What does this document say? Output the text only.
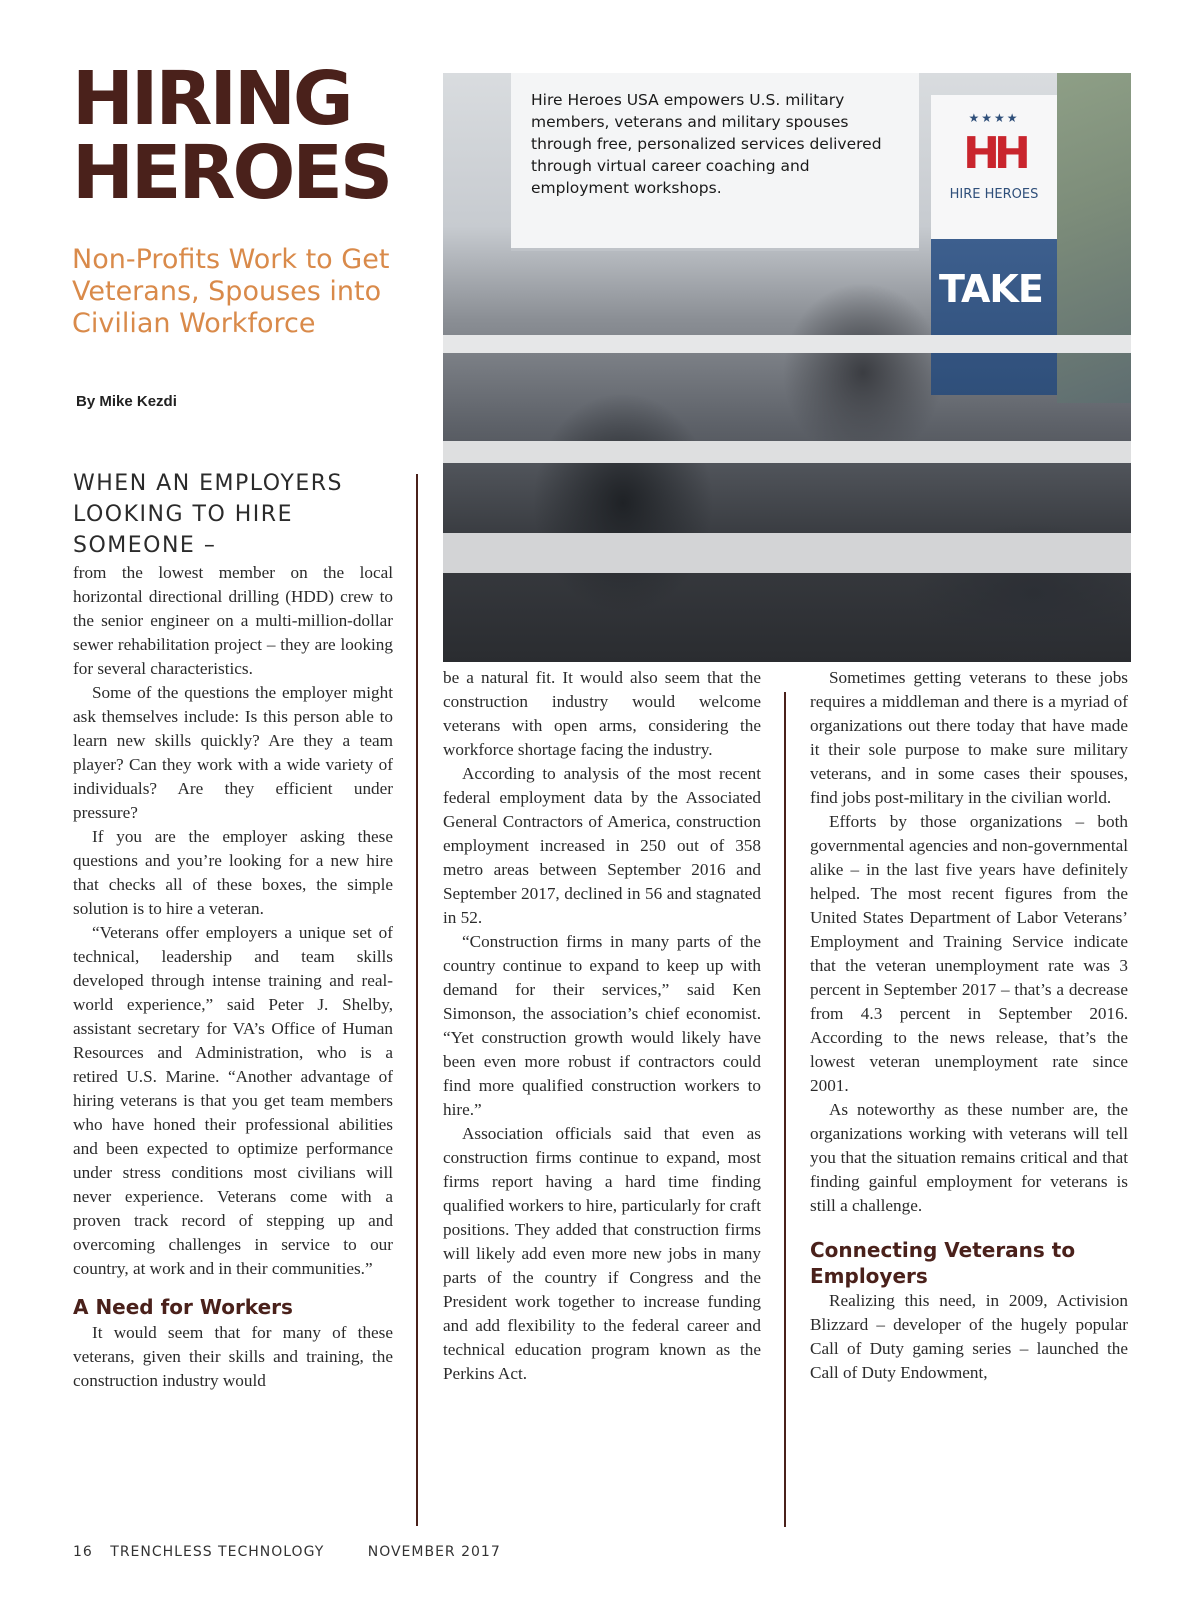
HIRING
HEROES
Non-Profits Work to Get Veterans, Spouses into Civilian Workforce
By Mike Kezdi
★★★★
HH
HIRE HEROES
TAKE
Hire Heroes USA empowers U.S. military members, veterans and military spouses through free, personalized services delivered through virtual career coaching and employment workshops.
WHEN AN EMPLOYERS LOOKING TO HIRE SOMEONE –

from the lowest member on the local horizontal directional drilling (HDD) crew to the senior engineer on a multi-million-dollar sewer rehabilitation project – they are looking for several characteristics.

Some of the questions the employer might ask themselves include: Is this person able to learn new skills quickly? Are they a team player? Can they work with a wide variety of individuals? Are they efficient under pressure?

If you are the employer asking these questions and you’re looking for a new hire that checks all of these boxes, the simple solution is to hire a veteran.

“Veterans offer employers a unique set of technical, leadership and team skills developed through intense training and real-world experience,” said Peter J. Shelby, assistant secretary for VA’s Office of Human Resources and Administration, who is a retired U.S. Marine. “Another advantage of hiring veterans is that you get team members who have honed their professional abilities and been expected to optimize performance under stress conditions most civilians will never experience. Veterans come with a proven track record of stepping up and overcoming challenges in service to our country, at work and in their communities.”

A Need for Workers

It would seem that for many of these veterans, given their skills and training, the construction industry would

be a natural fit. It would also seem that the construction industry would welcome veterans with open arms, considering the workforce shortage facing the industry.

According to analysis of the most recent federal employment data by the Associated General Contractors of America, construction employment increased in 250 out of 358 metro areas between September 2016 and September 2017, declined in 56 and stagnated in 52.

“Construction firms in many parts of the country continue to expand to keep up with demand for their services,” said Ken Simonson, the association’s chief economist. “Yet construction growth would likely have been even more robust if contractors could find more qualified construction workers to hire.”

Association officials said that even as construction firms continue to expand, most firms report having a hard time finding qualified workers to hire, particularly for craft positions. They added that construction firms will likely add even more new jobs in many parts of the country if Congress and the President work together to increase funding and add flexibility to the federal career and technical education program known as the Perkins Act.

Sometimes getting veterans to these jobs requires a middleman and there is a myriad of organizations out there today that have made it their sole purpose to make sure military veterans, and in some cases their spouses, find jobs post-military in the civilian world.

Efforts by those organizations – both governmental agencies and non-governmental alike – in the last five years have definitely helped. The most recent figures from the United States Department of Labor Veterans’ Employment and Training Service indicate that the veteran unemployment rate was 3 percent in September 2017 – that’s a decrease from 4.3 percent in September 2016. According to the news release, that’s the lowest veteran unemployment rate since 2001.

As noteworthy as these number are, the organizations working with veterans will tell you that the situation remains critical and that finding gainful employment for veterans is still a challenge.

Connecting Veterans to Employers

Realizing this need, in 2009, Activision Blizzard – developer of the hugely popular Call of Duty gaming series – launched the Call of Duty Endowment,

16 TRENCHLESS TECHNOLOGY	NOVEMBER 2017
